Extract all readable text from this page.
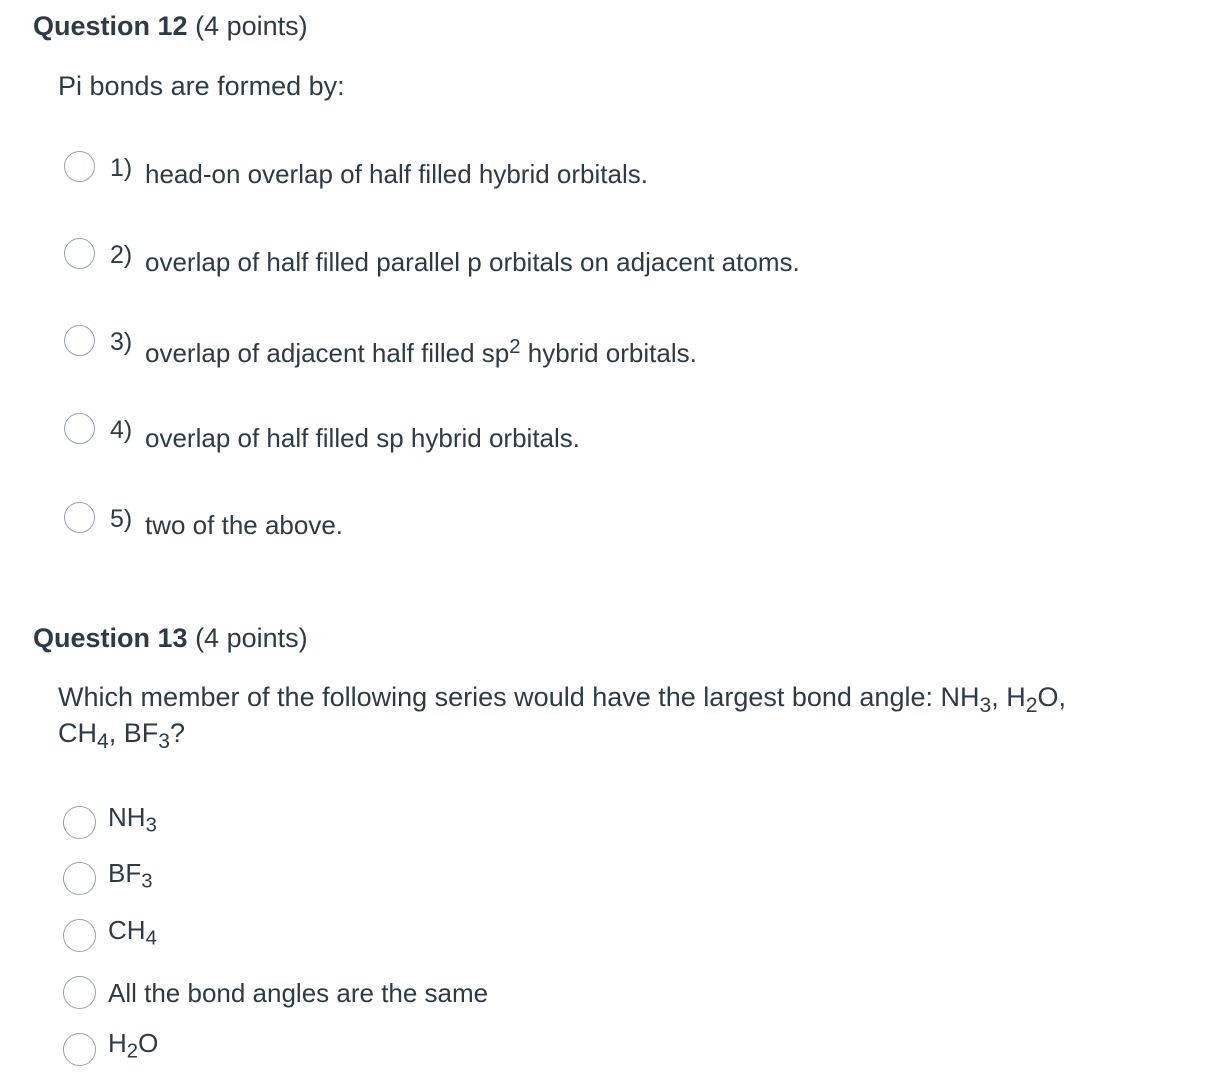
Question 12 (4 points)
Pi bonds are formed by:
1) head-on overlap of half filled hybrid orbitals.
2) overlap of half filled parallel p orbitals on adjacent atoms.
3) overlap of adjacent half filled $sp^2$ hybrid orbitals.
4) overlap of half filled sp hybrid orbitals.
5) two of the above.
Question 13 (4 points)
Which member of the following series would have the largest bond angle: $NH_3$, $H_2O$,
$CH_4$, $BF_3$?
$NH_3$
$BF_3$
$CH_4$
All the bond angles are the same
$H_2O$
